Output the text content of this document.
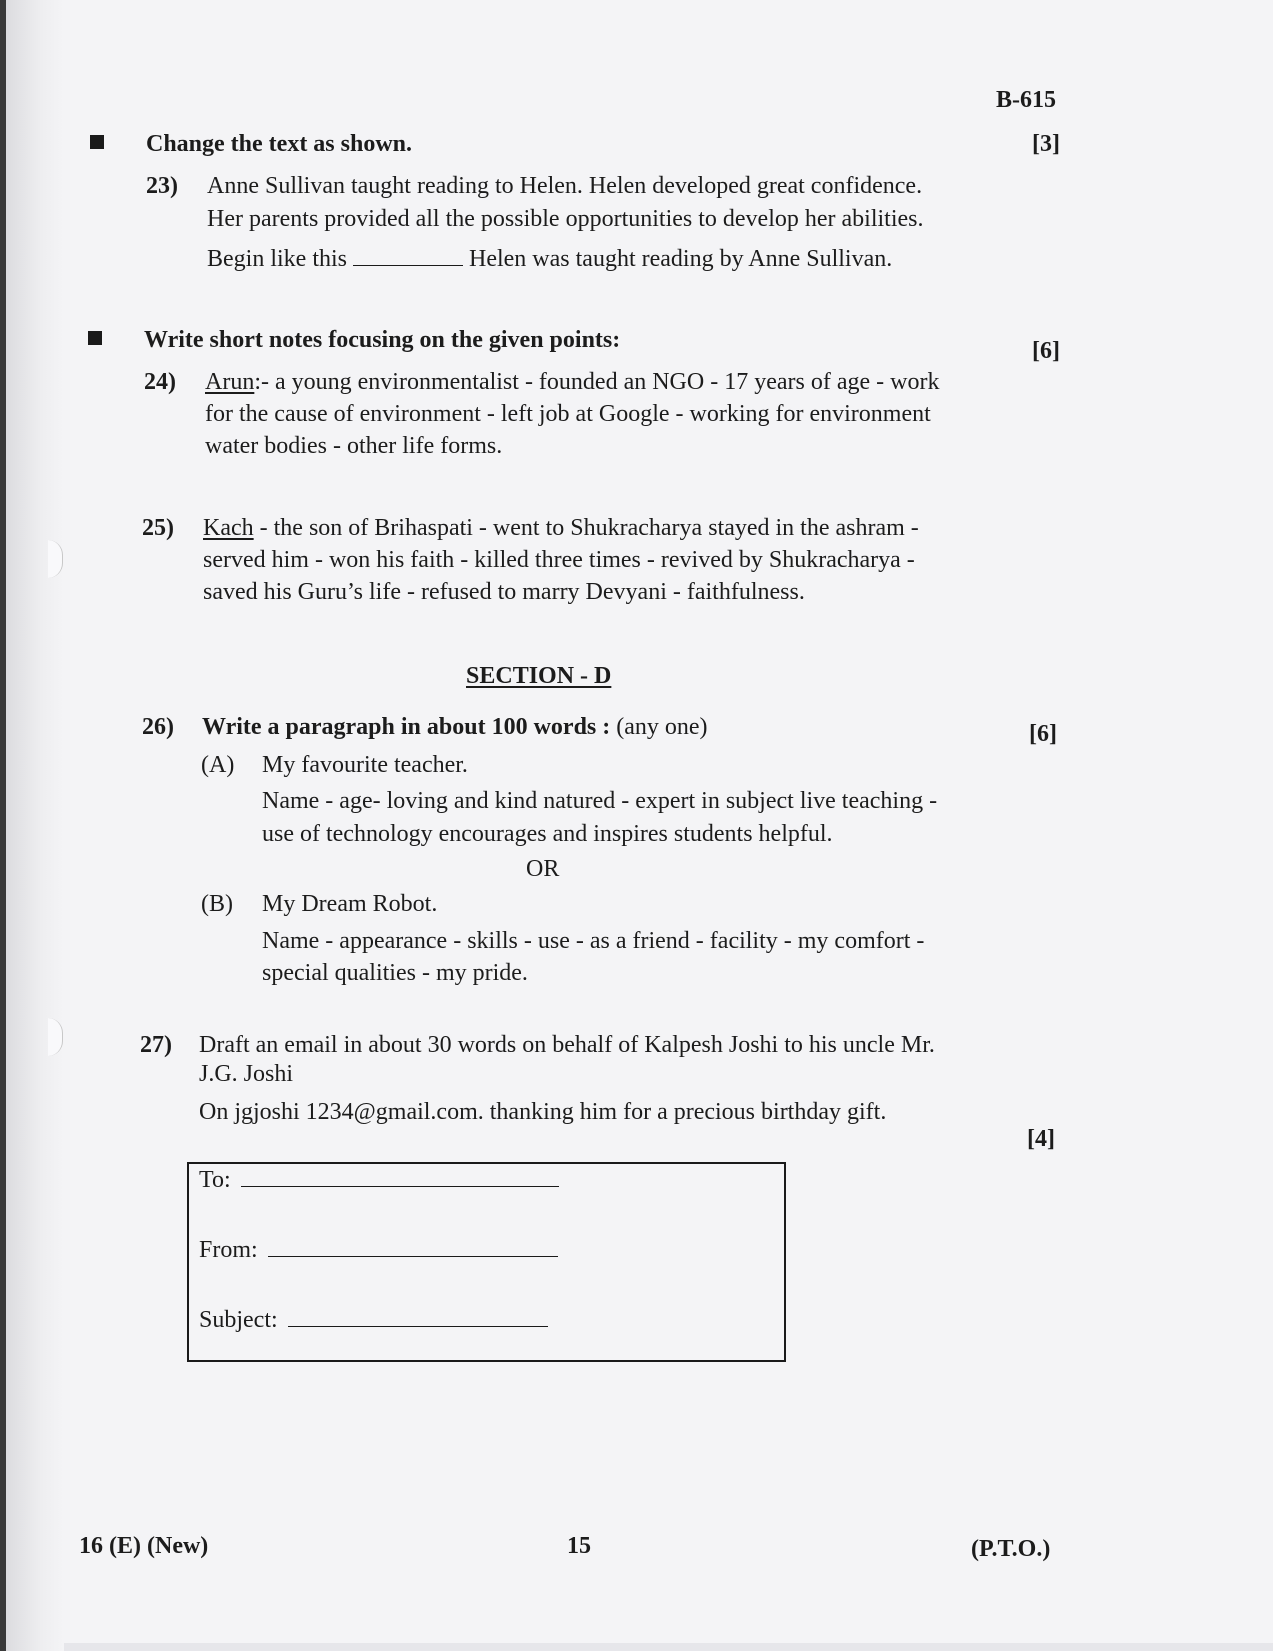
B-615
Change the text as shown.	[3]
23) Anne Sullivan taught reading to Helen. Helen developed great confidence.
Her parents provided all the possible opportunities to develop her abilities.
Begin like this	Helen was taught reading by Anne Sullivan.
Write short notes focusing on the given points:	[6]
24) Arun:- a young environmentalist - founded an NGO - 17 years of age - work
for the cause of environment - left job at Google - working for environment
water bodies - other life forms.
25) Kach - the son of Brihaspati - went to Shukracharya stayed in the ashram -
served him - won his faith - killed three times - revived by Shukracharya -
saved his Guru’s life - refused to marry Devyani - faithfulness.
SECTION - D
26) Write a paragraph in about 100 words : (any one)	[6]
(A) My favourite teacher.
Name - age- loving and kind natured - expert in subject live teaching -
use of technology encourages and inspires students helpful.
OR
(B) My Dream Robot.
Name - appearance - skills - use - as a friend - facility - my comfort -
special qualities - my pride.
27) Draft an email in about 30 words on behalf of Kalpesh Joshi to his uncle Mr.
J.G. Joshi
On jgjoshi 1234@gmail.com. thanking him for a precious birthday gift.
[4]
To:
From:
Subject:
16 (E) (New)	15	(P.T.O.)
